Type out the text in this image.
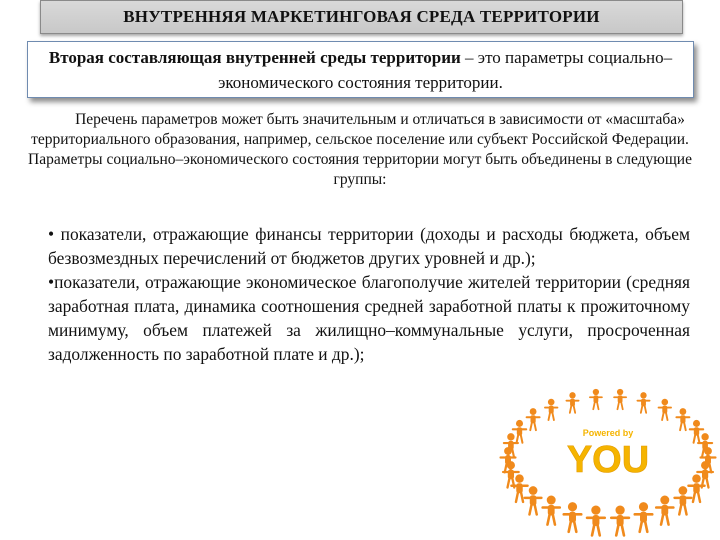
ВНУТРЕННЯЯ МАРКЕТИНГОВАЯ СРЕДА ТЕРРИТОРИИ
Вторая составляющая внутренней среды территории – это параметры социально–экономического состояния территории.

Перечень параметров может быть значительным и отличаться в зависимости от «масштаба» территориального образования, например, сельское поселение или субъект Российской Федерации.

Параметры социально–экономического состояния территории могут быть объединены в следующие группы:

• показатели, отражающие финансы территории (доходы и расходы бюджета, объем безвозмездных перечислений от бюджетов других уровней и др.);

•показатели, отражающие экономическое благополучие жителей территории (средняя заработная плата, динамика соотношения средней заработной платы к прожиточному минимуму, объем платежей за жилищно–коммунальные услуги, просроченная задолженность по заработной плате и др.);

Powered by
YOU
